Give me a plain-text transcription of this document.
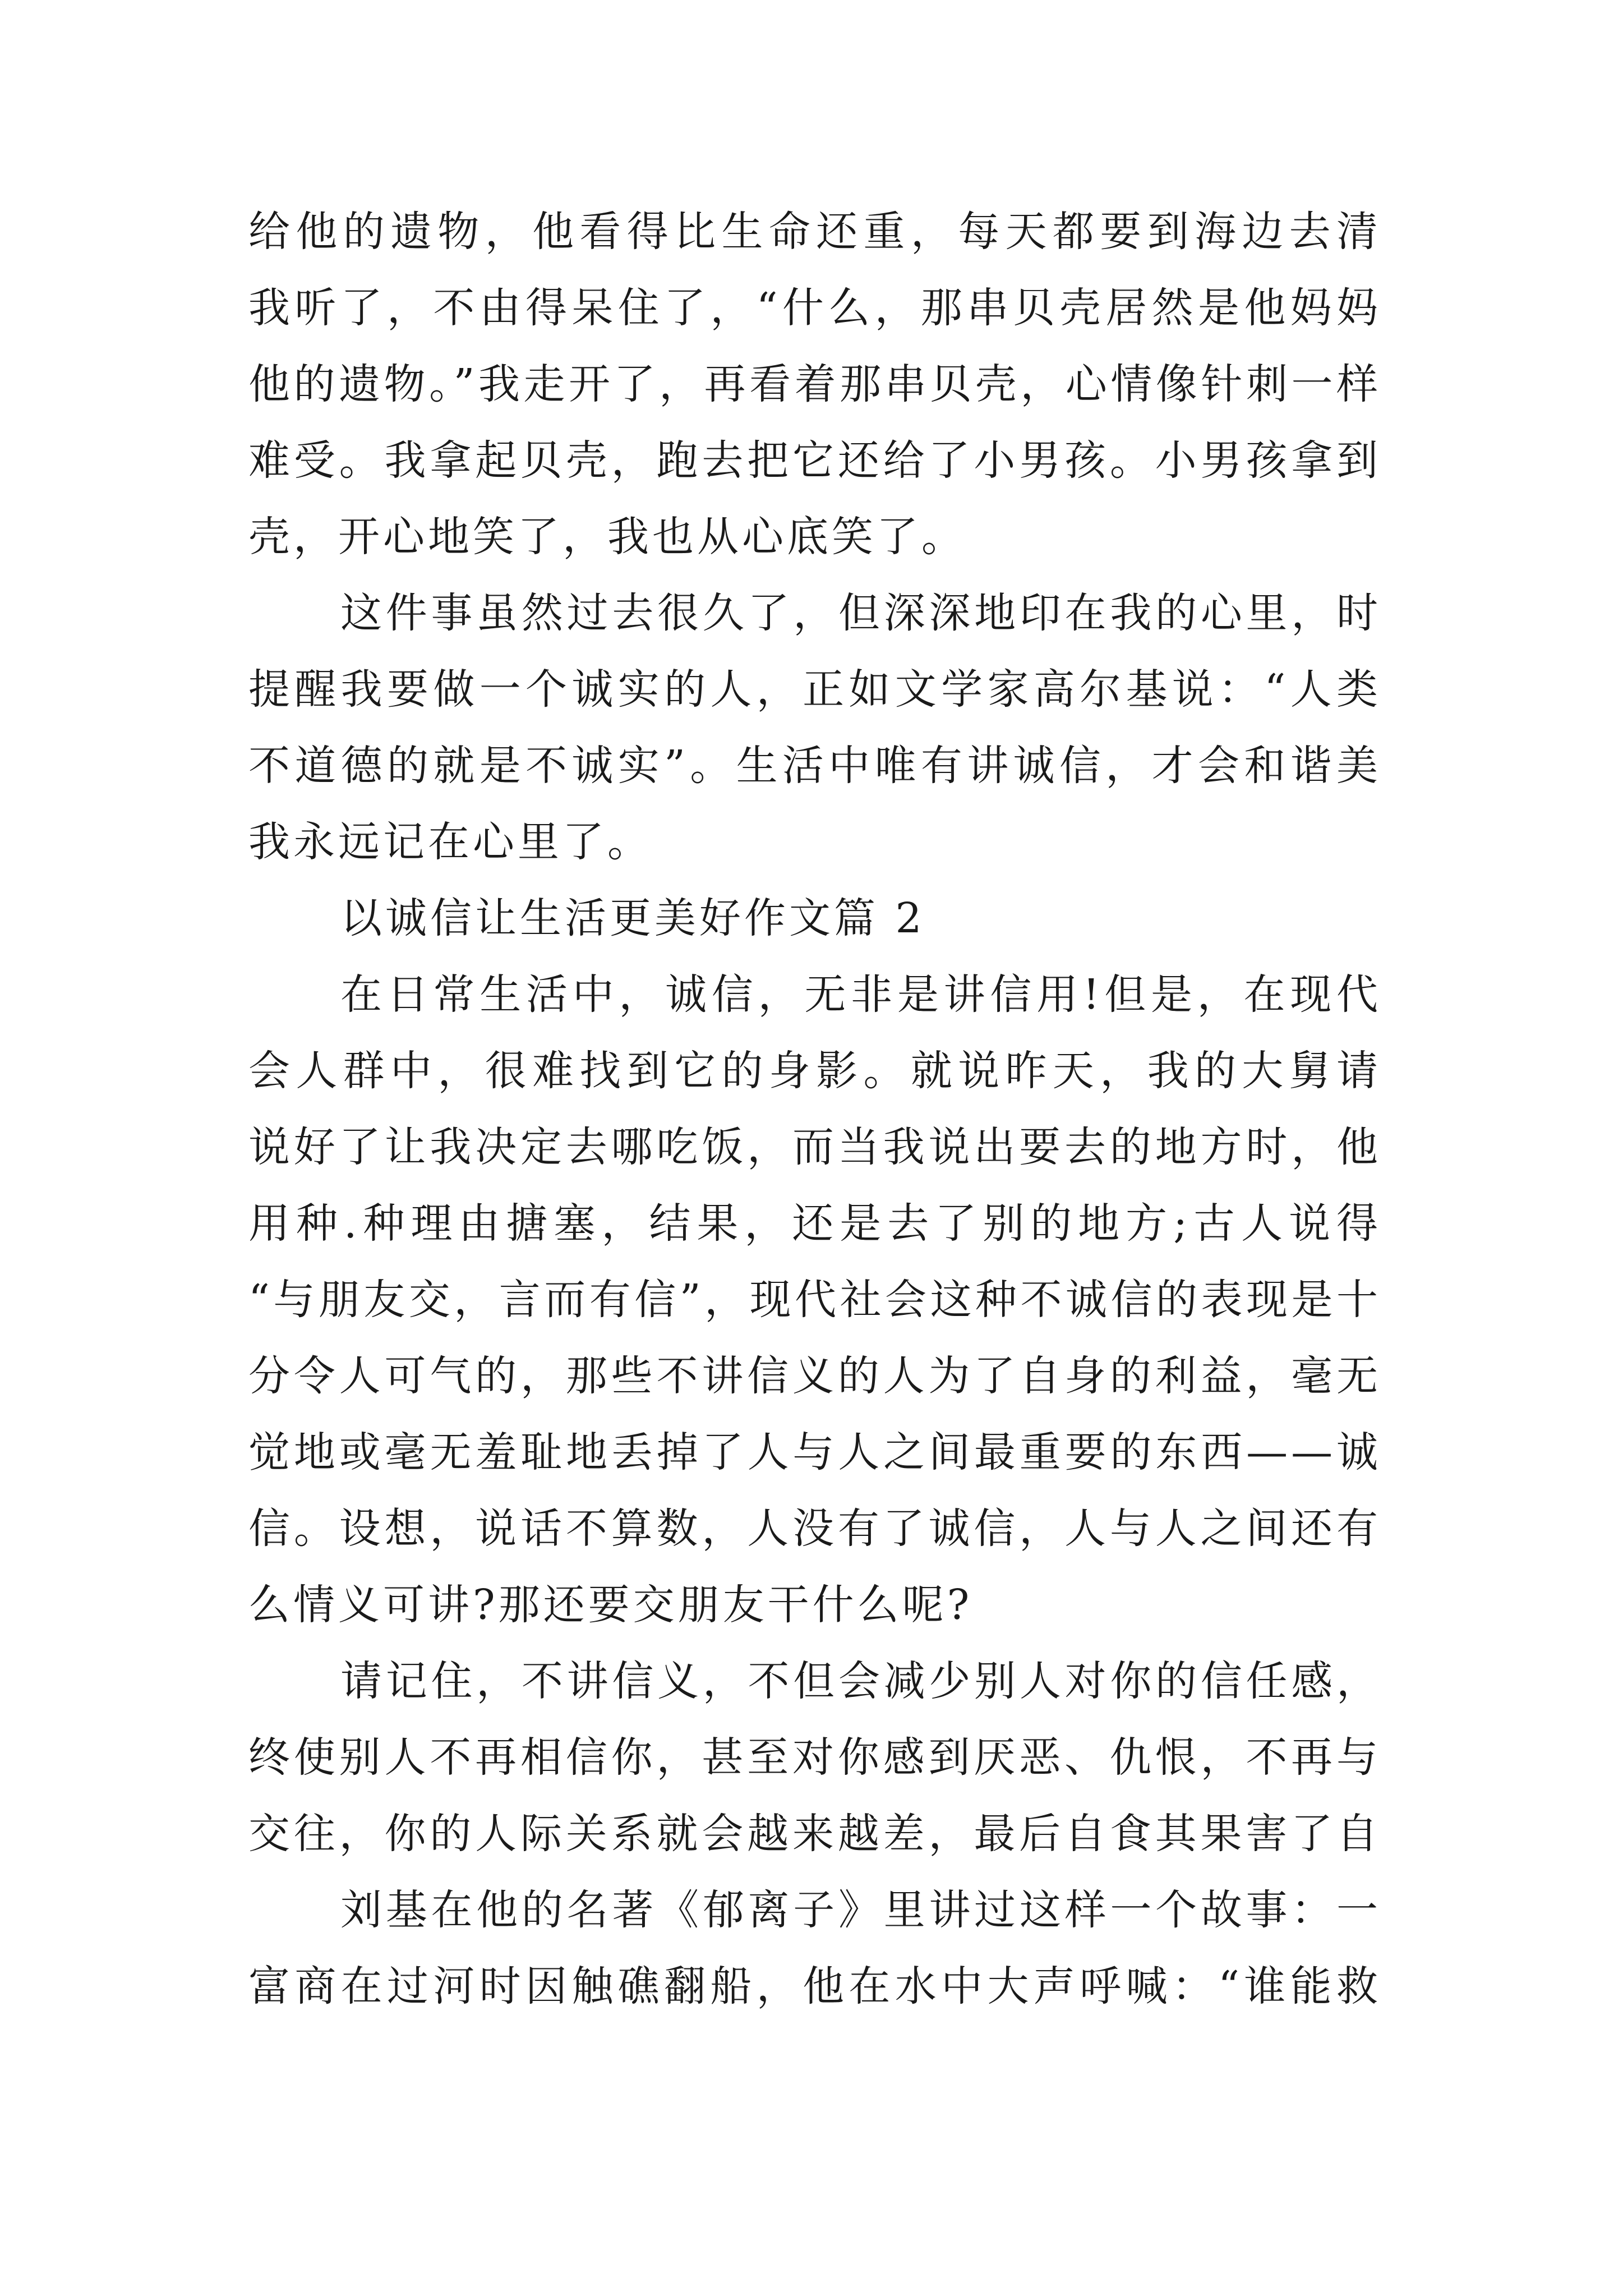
给他的遗物，他看得比生命还重，每天都要到海边去清
我听了，不由得呆住了，“什么，那串贝壳居然是他妈妈
他的遗物。”我走开了，再看着那串贝壳，心情像针刺一样
难受。我拿起贝壳，跑去把它还给了小男孩。小男孩拿到
壳，开心地笑了，我也从心底笑了。
这件事虽然过去很久了，但深深地印在我的心里，时
提醒我要做一个诚实的人，正如文学家高尔基说：“人类
不道德的就是不诚实”。生活中唯有讲诚信，才会和谐美
我永远记在心里了。
以诚信让生活更美好作文篇 2
在日常生活中，诚信，无非是讲信用!但是，在现代
会人群中，很难找到它的身影。就说昨天，我的大舅请
说好了让我决定去哪吃饭，而当我说出要去的地方时，他
用种.种理由搪塞，结果，还是去了别的地方;古人说得
“与朋友交，言而有信”，现代社会这种不诚信的表现是十
分令人可气的，那些不讲信义的人为了自身的利益，毫无
觉地或毫无羞耻地丢掉了人与人之间最重要的东西——诚
信。设想，说话不算数，人没有了诚信，人与人之间还有
么情义可讲?那还要交朋友干什么呢?
请记住，不讲信义，不但会减少别人对你的信任感，
终使别人不再相信你，甚至对你感到厌恶、仇恨，不再与
交往，你的人际关系就会越来越差，最后自食其果害了自
刘基在他的名著《郁离子》里讲过这样一个故事：一
富商在过河时因触礁翻船，他在水中大声呼喊：“谁能救
